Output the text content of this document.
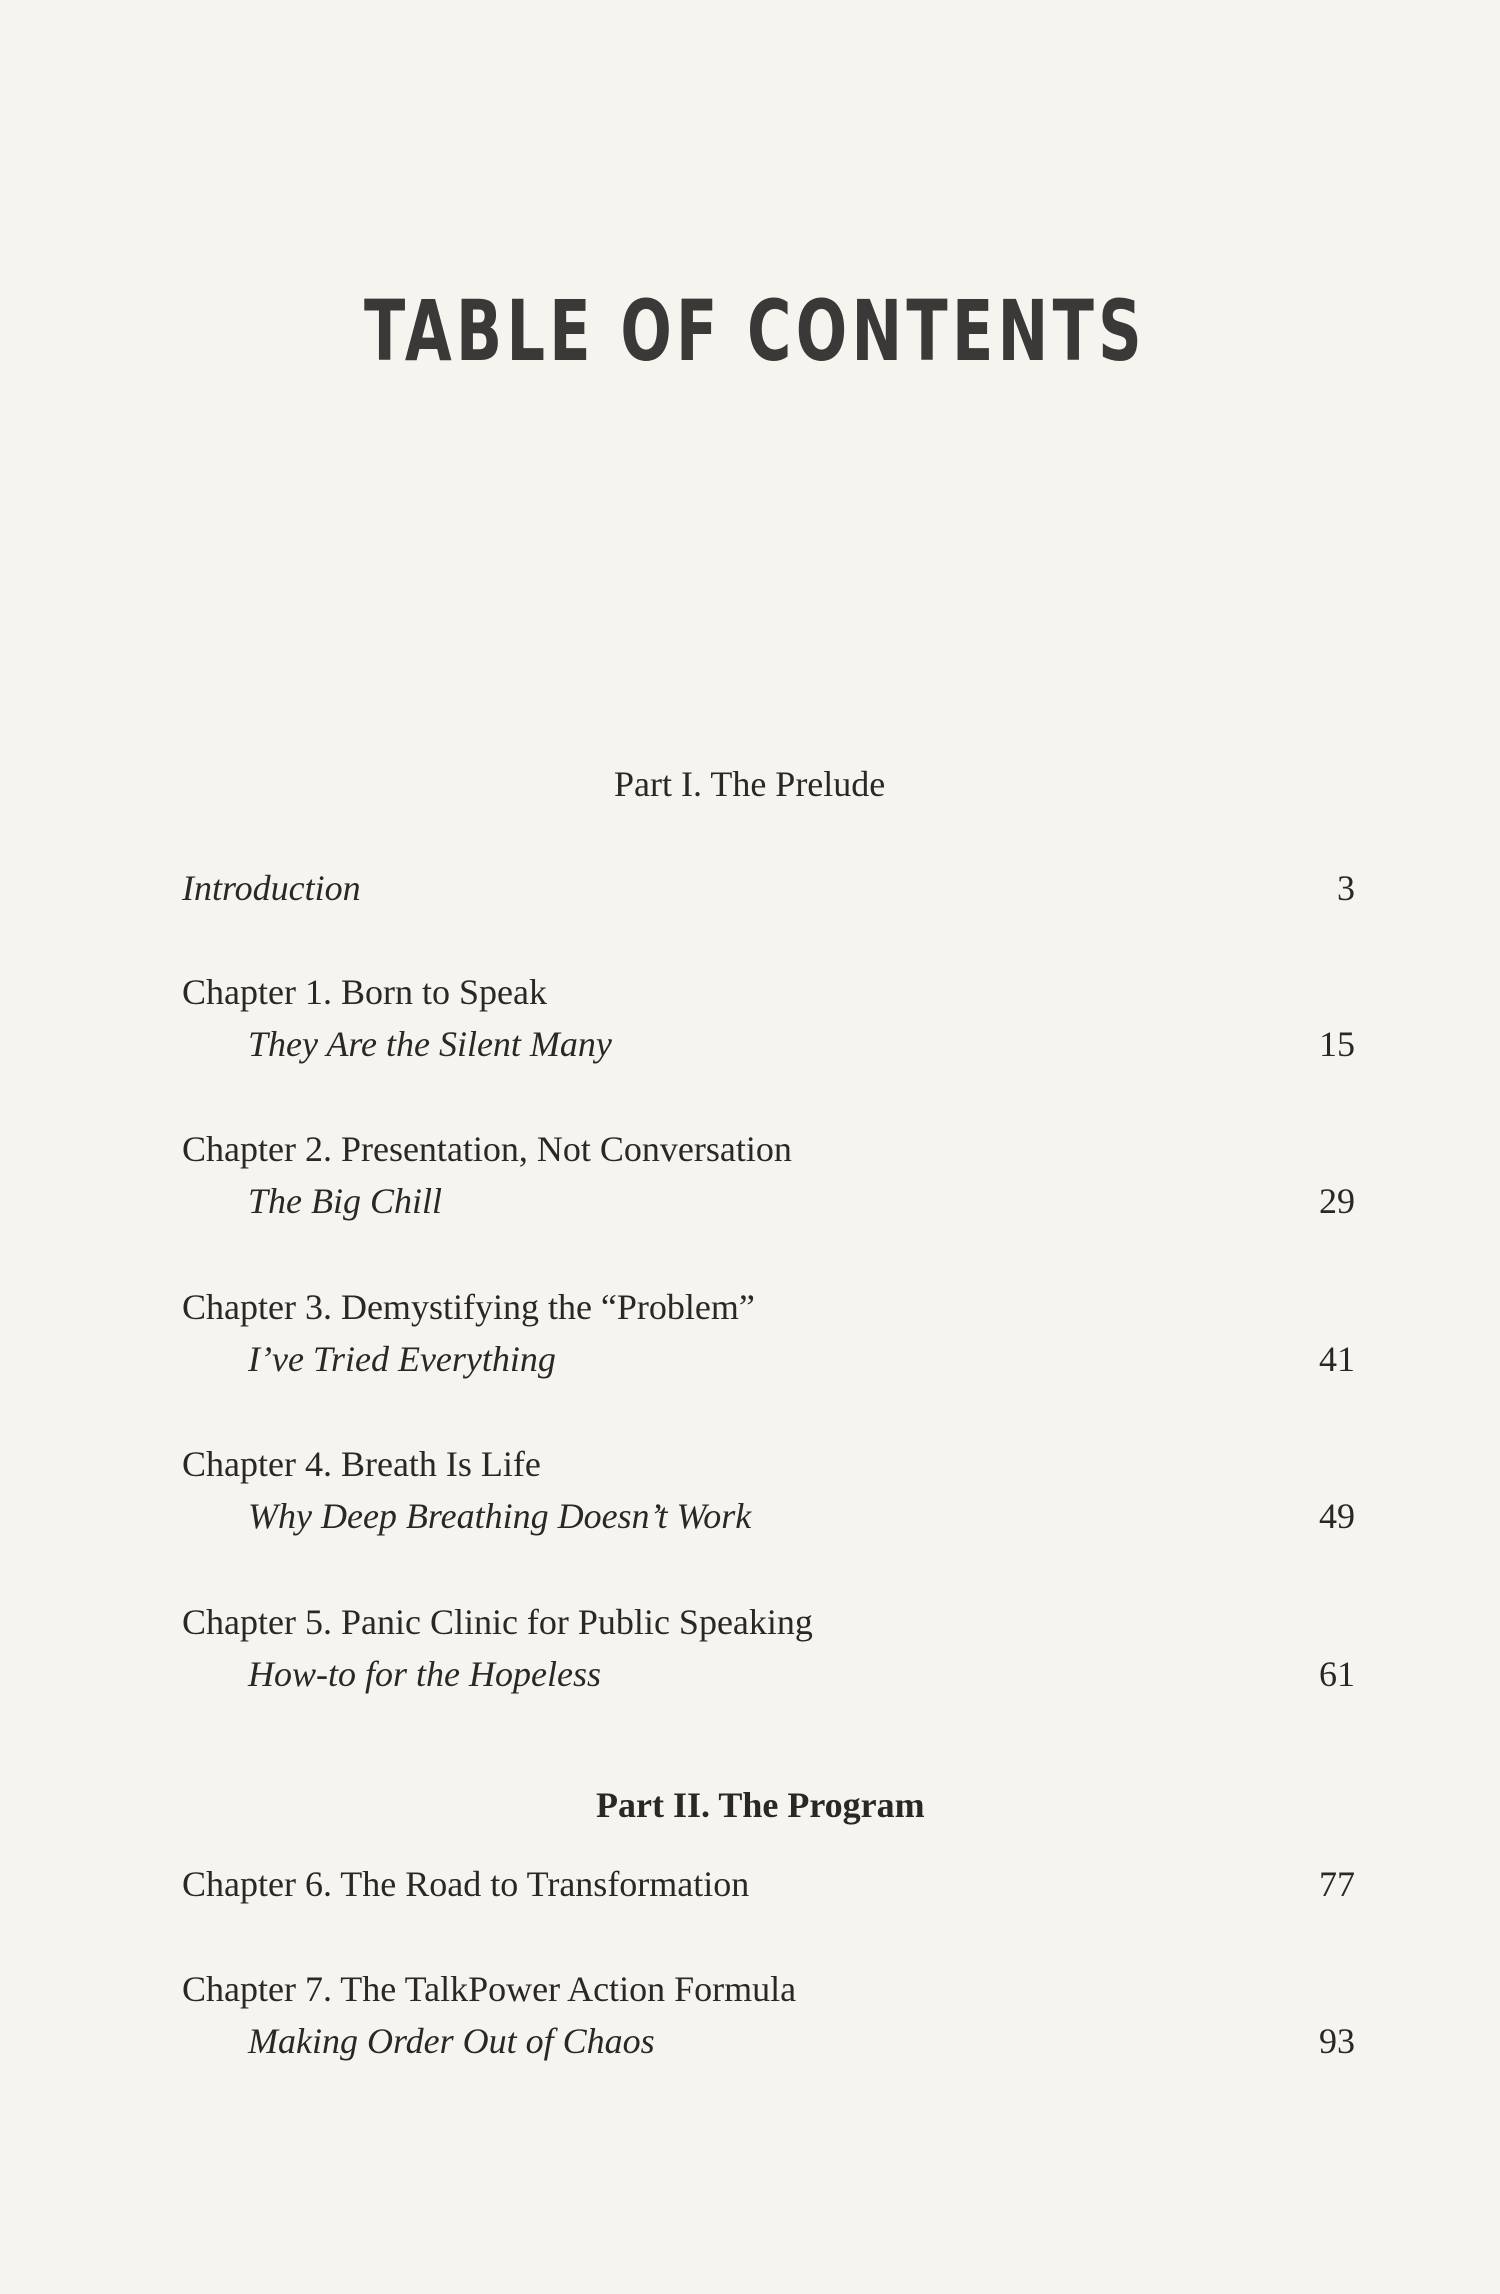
TABLE OF CONTENTS
Part I. The Prelude
Introduction	3
Chapter 1. Born to Speak
They Are the Silent Many	15
Chapter 2. Presentation, Not Conversation
The Big Chill	29
Chapter 3. Demystifying the “Problem”
I’ve Tried Everything	41
Chapter 4. Breath Is Life
Why Deep Breathing Doesn’t Work	49
Chapter 5. Panic Clinic for Public Speaking
How-to for the Hopeless	61
Part II. The Program
Chapter 6. The Road to Transformation	77
Chapter 7. The TalkPower Action Formula
Making Order Out of Chaos	93
